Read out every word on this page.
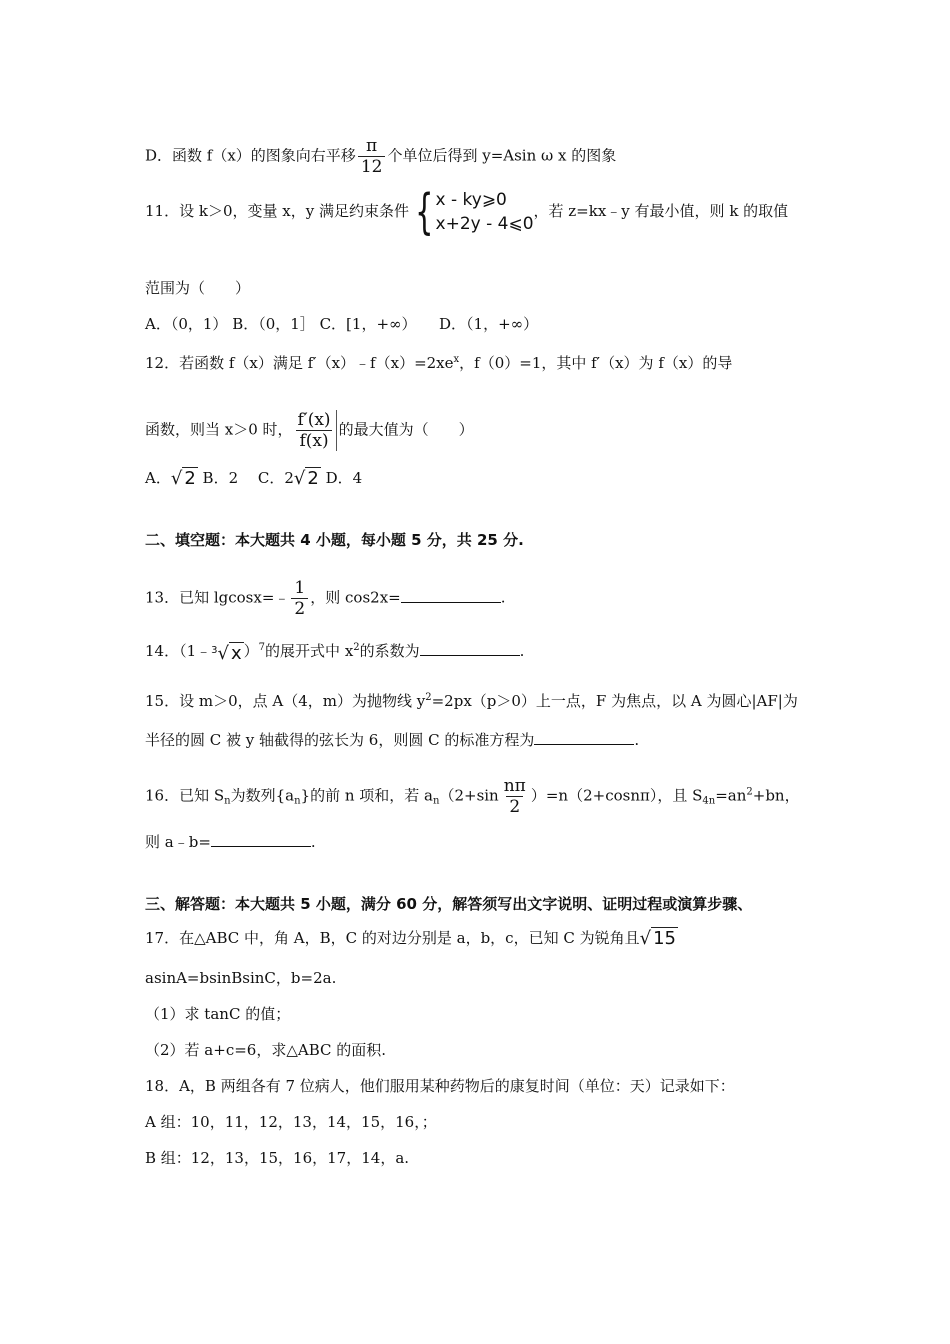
D．函数 f（x）的图象向右平移 $\frac{\pi}{12}$ 个单位后得到 y=Asin ω x 的图象
11．设 k＞0，变量 x，y 满足约束条件 { x - ky⩾0
x+2y - 4⩽0
，若 z=kx﹣y 有最小值，则 k 的取值
范围为（　　）
A．（0，1） B．（0，1］ C．[1，+∞）　　D．（1，+∞）
12．若函数 f（x）满足 $f'(x)﹣f(x)=2xe^x$，f（0）=1，其中 f′（x）为 f（x）的导
函数，则当 x＞0 时， $\frac{f'(x)}{f(x)}$ 的最大值为（　　）
A．√ 2 B．2　 C．2√ 2 D．4
二、填空题：本大题共 4 小题，每小题 5 分，共 25 分.
13．已知 lgcosx=﹣ $\frac{1}{2}$ ，则 cos2x=	.
14．（1﹣$^3$√ x ）$^7$的展开式中 $x^2$的系数为	.
15．设 m＞0，点 A（4，m）为抛物线 $y^2=2px(p>0)$上一点，F 为焦点，以 A 为圆心|AF|为
半径的圆 C 被 y 轴截得的弦长为 6，则圆 C 的标准方程为	.
16．已知 $S_n$为数列$\{a_n\}$的前 n 项和，若 $a_n(2+\sin \frac{n\pi}{2} )=n(2+\cos n\pi)$，且 $S_{4n}=an^2+bn$，
则 a﹣b=	.
三、解答题：本大题共 5 小题，满分 60 分，解答须写出文字说明、证明过程或演算步骤、
17．在△ABC 中，角 A，B，C 的对边分别是 a，b，c，已知 C 为锐角且√ 15
asinA=bsinBsinC，b=2a.
（1）求 tanC 的值；
（2）若 a+c=6，求△ABC 的面积.
18．A，B 两组各有 7 位病人，他们服用某种药物后的康复时间（单位：天）记录如下：
A 组：10，11，12，13，14，15，16，；
B 组：12，13，15，16，17，14，a.
